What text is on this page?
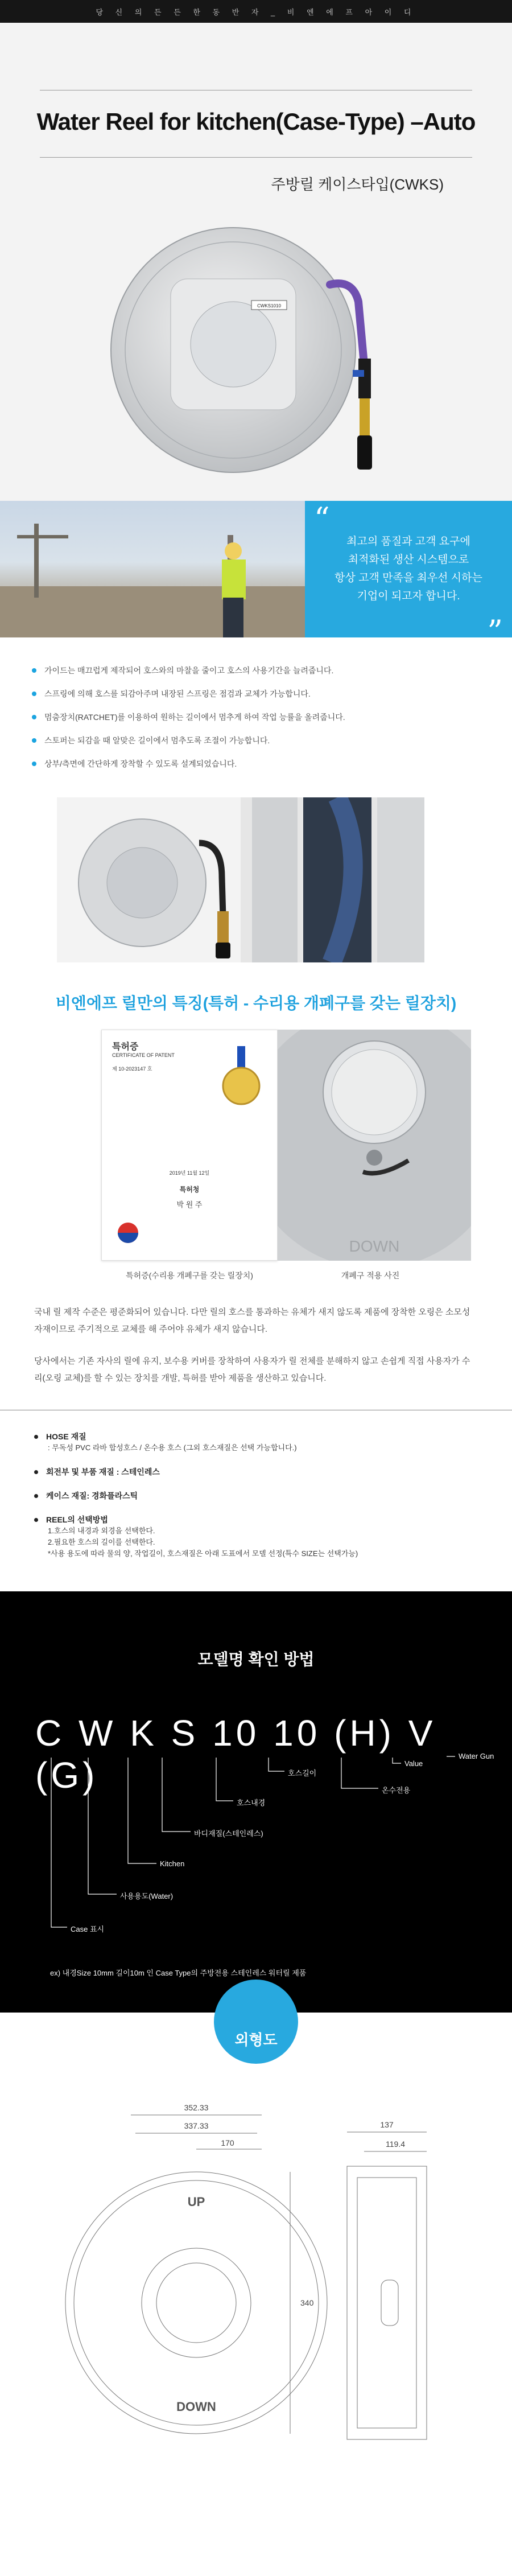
당 신 의 든 든 한 동 반 자 _ 비 엔 에 프 아 이 디
Water Reel for kitchen(Case-Type) –Auto
주방릴 케이스타입(CWKS)
CWKS1010
“
최고의 품질과 고객 요구에
최적화된 생산 시스템으로
항상 고객 만족을 최우선 시하는
기업이 되고자 합니다.
”
가이드는 매끄럽게 제작되어 호스와의 마찰을 줄이고 호스의 사용기간을 늘려줍니다.
스프링에 의해 호스를 되감아주며 내장된 스프링은 점검과 교체가 가능합니다.
멈춤장치(RATCHET)를 이용하여 원하는 길이에서 멈추게 하여 작업 능률을 올려줍니다.
스토퍼는 되감을 때 알맞은 길이에서 멈추도록 조절이 가능합니다.
상부/측면에 간단하게 장착할 수 있도록 설계되었습니다.
비엔에프 릴만의 특징(특허 - 수리용 개폐구를 갖는 릴장치)
특허증
CERTIFICATE OF PATENT
제 10-2023147 호
2019년 11월 12일
특허청
박 원 주
특허증(수리용 개폐구를 갖는 릴장치)
DOWN
개폐구 적용 사진

국내 릴 제작 수준은 평준화되어 있습니다. 다만 릴의 호스를 통과하는 유체가 새지 않도록 제품에 장착한 오링은 소모성 자재이므로 주기적으로 교체를 해 주어야 유체가 새지 않습니다.

당사에서는 기존 자사의 릴에 유지, 보수용 커버를 장착하여 사용자가 릴 전체를 분해하지 않고 손쉽게 직접 사용자가 수리(오링 교체)를 할 수 있는 장치를 개발, 특허를 받아 제품을 생산하고 있습니다.

HOSE 재질
: 무독성 PVC 라바 합성호스 / 온수용 호스 (그외 호스재질은 선택 가능합니다.)
회전부 및 부품 재질 : 스테인레스
케이스 재질: 경화플라스틱
REEL의 선택방법
1.호스의 내경과 외경을 선택한다.
2.필요한 호스의 길이를 선택한다.
*사용 용도에 따라 물의 양, 작업길이, 호스재질은 아래 도표에서 모델 선정(특수 SIZE는 선택가능)
모델명 확인 방법
C W K S 10 10 (H) V (G)
Case 표시
사용용도(Water)
Kitchen
바디재질(스테인레스)
호스내경
호스길이
온수전용
Value
Water Gun
ex) 내경Size 10mm 길이10m 인 Case Type의 주방전용 스테인레스 워터릴 제품
외형도
352.33
337.33
170
137
119.4
340
UP
DOWN
